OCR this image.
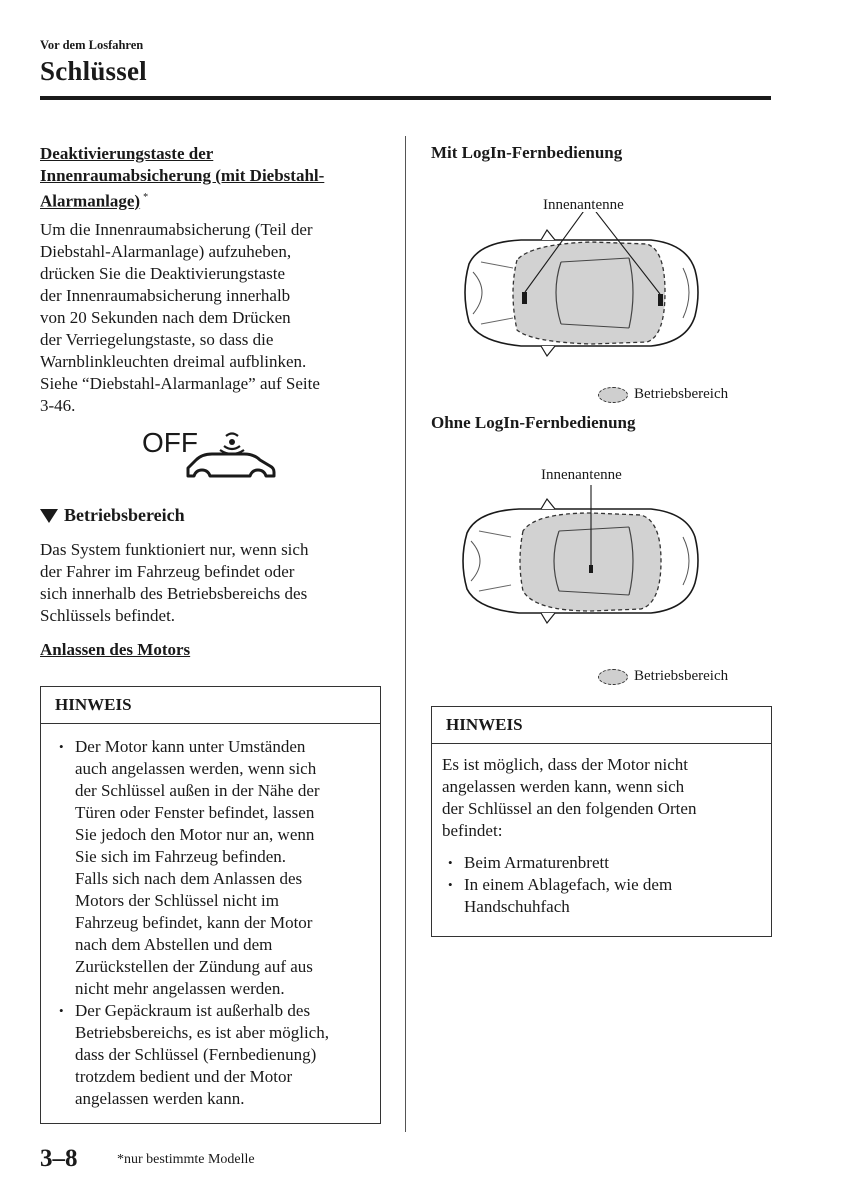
Vor dem Losfahren
Schlüssel
Deaktivierungstaste der
Innenraumabsicherung (mit Diebstahl-
Alarmanlage) *
Um die Innenraumabsicherung (Teil der
Diebstahl-Alarmanlage) aufzuheben,
drücken Sie die Deaktivierungstaste
der Innenraumabsicherung innerhalb
von 20 Sekunden nach dem Drücken
der Verriegelungstaste, so dass die
Warnblinkleuchten dreimal aufblinken.
Siehe “Diebstahl-Alarmanlage” auf Seite
3-46.
OFF
Betriebsbereich
Das System funktioniert nur, wenn sich
der Fahrer im Fahrzeug befindet oder
sich innerhalb des Betriebsbereichs des
Schlüssels befindet.
Anlassen des Motors
HINWEIS
• Der Motor kann unter Umständen
auch angelassen werden, wenn sich
der Schlüssel außen in der Nähe der
Türen oder Fenster befindet, lassen
Sie jedoch den Motor nur an, wenn
Sie sich im Fahrzeug befinden.
Falls sich nach dem Anlassen des
Motors der Schlüssel nicht im
Fahrzeug befindet, kann der Motor
nach dem Abstellen und dem
Zurückstellen der Zündung auf aus
nicht mehr angelassen werden.
• Der Gepäckraum ist außerhalb des
Betriebsbereichs, es ist aber möglich,
dass der Schlüssel (Fernbedienung)
trotzdem bedient und der Motor
angelassen werden kann.
Mit LogIn-Fernbedienung
Innenantenne
Betriebsbereich
Ohne LogIn-Fernbedienung
Innenantenne
Betriebsbereich
HINWEIS
Es ist möglich, dass der Motor nicht
angelassen werden kann, wenn sich
der Schlüssel an den folgenden Orten
befindet:
• Beim Armaturenbrett
• In einem Ablagefach, wie dem
Handschuhfach
3–8	*nur bestimmte Modelle
